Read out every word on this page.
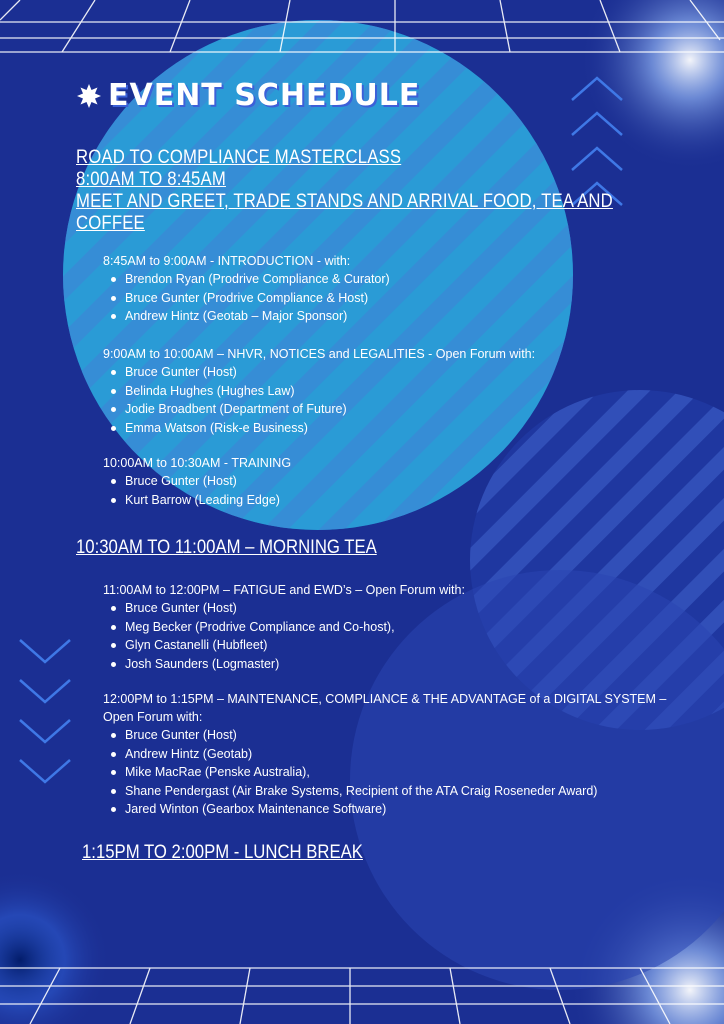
EVENT SCHEDULE
ROAD TO COMPLIANCE MASTERCLASS
8:00AM TO 8:45AM
MEET AND GREET, TRADE STANDS AND ARRIVAL FOOD, TEA AND
COFFEE
8:45AM to 9:00AM - INTRODUCTION - with:
Brendon Ryan (Prodrive Compliance & Curator)
Bruce Gunter (Prodrive Compliance & Host)
Andrew Hintz (Geotab – Major Sponsor)
9:00AM to 10:00AM – NHVR, NOTICES and LEGALITIES - Open Forum with:
Bruce Gunter (Host)
Belinda Hughes (Hughes Law)
Jodie Broadbent (Department of Future)
Emma Watson (Risk-e Business)
10:00AM to 10:30AM - TRAINING
Bruce Gunter (Host)
Kurt Barrow (Leading Edge)
10:30AM TO 11:00AM – MORNING TEA
11:00AM to 12:00PM – FATIGUE and EWD’s – Open Forum with:
Bruce Gunter (Host)
Meg Becker (Prodrive Compliance and Co-host),
Glyn Castanelli (Hubfleet)
Josh Saunders (Logmaster)
12:00PM to 1:15PM – MAINTENANCE, COMPLIANCE & THE ADVANTAGE of a DIGITAL SYSTEM –
Open Forum with:
Bruce Gunter (Host)
Andrew Hintz (Geotab)
Mike MacRae (Penske Australia),
Shane Pendergast (Air Brake Systems, Recipient of the ATA Craig Roseneder Award)
Jared Winton (Gearbox Maintenance Software)
1:15PM TO 2:00PM - LUNCH BREAK
